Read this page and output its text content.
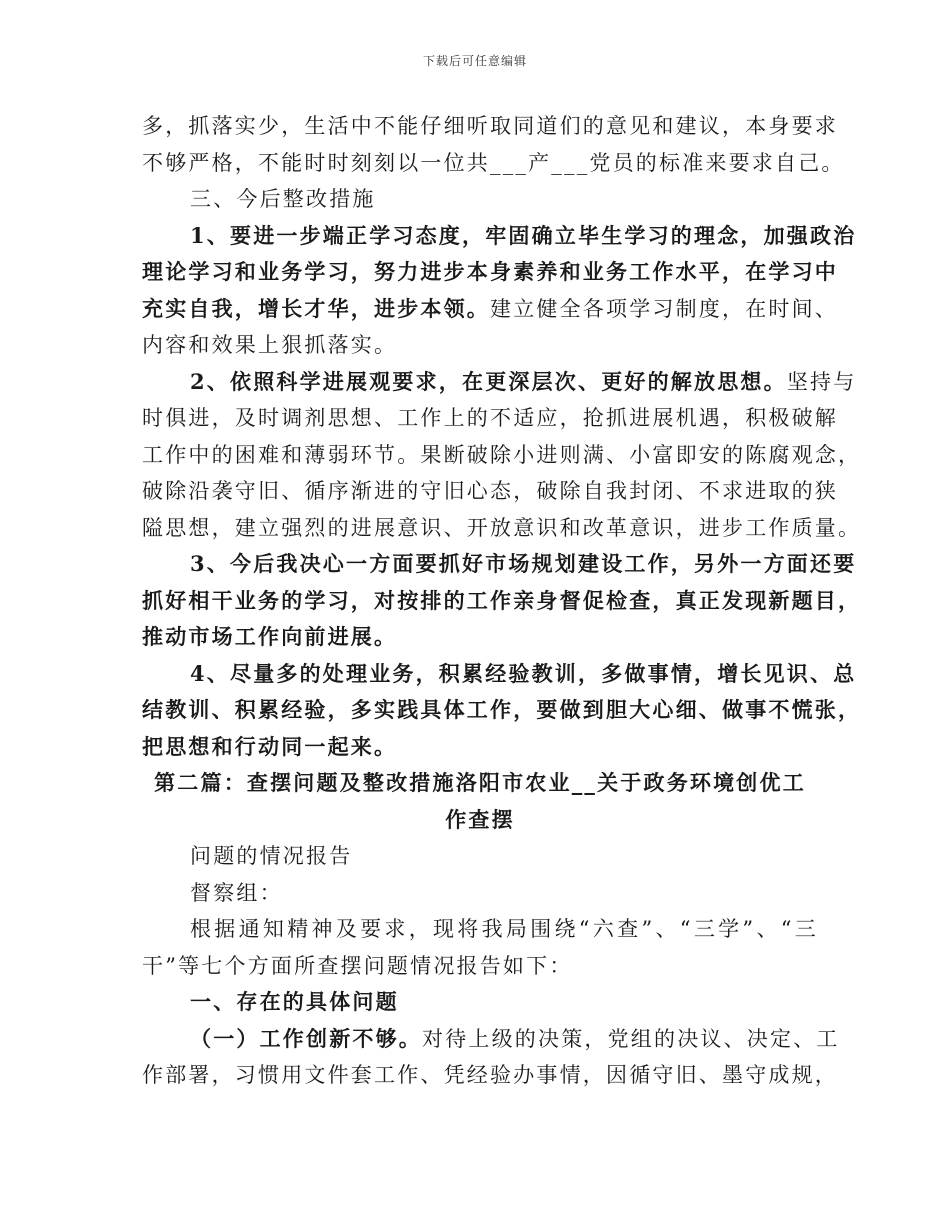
下载后可任意编辑
多，抓落实少，生活中不能仔细听取同道们的意见和建议，本身要求
不够严格，不能时时刻刻以一位共___产___党员的标准来要求自己。
三、今后整改措施
1、要进一步端正学习态度，牢固确立毕生学习的理念，加强政治
理论学习和业务学习，努力进步本身素养和业务工作水平，在学习中
充实自我，增长才华，进步本领。建立健全各项学习制度，在时间、
内容和效果上狠抓落实。
2、依照科学进展观要求，在更深层次、更好的解放思想。坚持与
时俱进，及时调剂思想、工作上的不适应，抢抓进展机遇，积极破解
工作中的困难和薄弱环节。果断破除小进则满、小富即安的陈腐观念，
破除沿袭守旧、循序渐进的守旧心态，破除自我封闭、不求进取的狭
隘思想，建立强烈的进展意识、开放意识和改革意识，进步工作质量。
3、今后我决心一方面要抓好市场规划建设工作，另外一方面还要
抓好相干业务的学习，对按排的工作亲身督促检查，真正发现新题目，
推动市场工作向前进展。
4、尽量多的处理业务，积累经验教训，多做事情，增长见识、总
结教训、积累经验，多实践具体工作，要做到胆大心细、做事不慌张，
把思想和行动同一起来。
第二篇：查摆问题及整改措施洛阳市农业__关于政务环境创优工
作查摆
问题的情况报告
督察组：
根据通知精神及要求，现将我局围绕“六查”、“三学”、“三
干”等七个方面所查摆问题情况报告如下：
一、存在的具体问题
（一）工作创新不够。对待上级的决策，党组的决议、决定、工
作部署，习惯用文件套工作、凭经验办事情，因循守旧、墨守成规，
